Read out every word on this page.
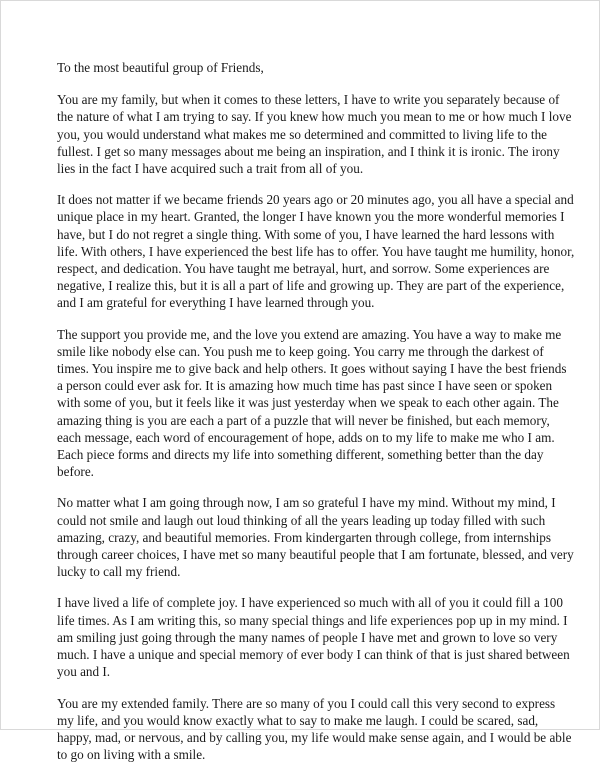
To the most beautiful group of Friends,

You are my family, but when it comes to these letters, I have to write you separately because of the nature of what I am trying to say. If you knew how much you mean to me or how much I love you, you would understand what makes me so determined and committed to living life to the fullest. I get so many messages about me being an inspiration, and I think it is ironic. The irony lies in the fact I have acquired such a trait from all of you.

It does not matter if we became friends 20 years ago or 20 minutes ago, you all have a special and unique place in my heart. Granted, the longer I have known you the more wonderful memories I have, but I do not regret a single thing. With some of you, I have learned the hard lessons with life. With others, I have experienced the best life has to offer. You have taught me humility, honor, respect, and dedication. You have taught me betrayal, hurt, and sorrow. Some experiences are negative, I realize this, but it is all a part of life and growing up. They are part of the experience, and I am grateful for everything I have learned through you.

The support you provide me, and the love you extend are amazing. You have a way to make me smile like nobody else can. You push me to keep going. You carry me through the darkest of times. You inspire me to give back and help others. It goes without saying I have the best friends a person could ever ask for. It is amazing how much time has past since I have seen or spoken with some of you, but it feels like it was just yesterday when we speak to each other again. The amazing thing is you are each a part of a puzzle that will never be finished, but each memory, each message, each word of encouragement of hope, adds on to my life to make me who I am. Each piece forms and directs my life into something different, something better than the day before.

No matter what I am going through now, I am so grateful I have my mind. Without my mind, I could not smile and laugh out loud thinking of all the years leading up today filled with such amazing, crazy, and beautiful memories. From kindergarten through college, from internships through career choices, I have met so many beautiful people that I am fortunate, blessed, and very lucky to call my friend.

I have lived a life of complete joy. I have experienced so much with all of you it could fill a 100 life times. As I am writing this, so many special things and life experiences pop up in my mind. I am smiling just going through the many names of people I have met and grown to love so very much. I have a unique and special memory of ever body I can think of that is just shared between you and I.

You are my extended family. There are so many of you I could call this very second to express my life, and you would know exactly what to say to make me laugh. I could be scared, sad, happy, mad, or nervous, and by calling you, my life would make sense again, and I would be able to go on living with a smile.
